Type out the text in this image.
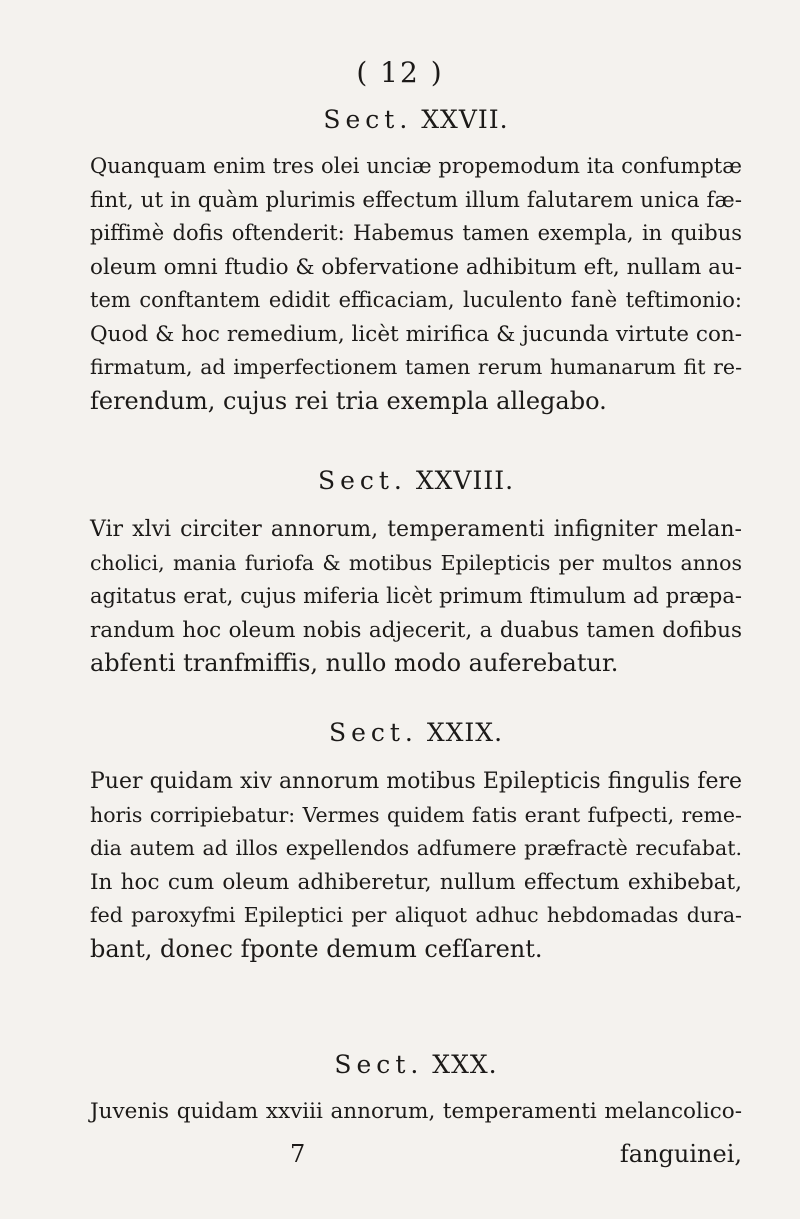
( 12 )
Sect. XXVII.
Quanquam enim tres olei unciæ propemodum ita confumptæ
fint, ut in quàm plurimis effectum illum falutarem unica fæ-
piffimè dofis oftenderit: Habemus tamen exempla, in quibus
oleum omni ftudio & obfervatione adhibitum eft, nullam au-
tem conftantem edidit efficaciam, luculento fanè teftimonio:
Quod & hoc remedium, licèt mirifica & jucunda virtute con-
firmatum, ad imperfectionem tamen rerum humanarum fit re-
ferendum, cujus rei tria exempla allegabo.
Sect. XXVIII.
Vir xlvi circiter annorum, temperamenti infigniter melan-
cholici, mania furiofa & motibus Epilepticis per multos annos
agitatus erat, cujus miferia licèt primum ftimulum ad præpa-
randum hoc oleum nobis adjecerit, a duabus tamen dofibus
abfenti tranfmiffis, nullo modo auferebatur.
Sect. XXIX.
Puer quidam xiv annorum motibus Epilepticis fingulis fere
horis corripiebatur: Vermes quidem fatis erant fufpecti, reme-
dia autem ad illos expellendos adfumere præfractè recufabat.
In hoc cum oleum adhiberetur, nullum effectum exhibebat,
fed paroxyfmi Epileptici per aliquot adhuc hebdomadas dura-
bant, donec fponte demum cefſarent.
Sect. XXX.
Juvenis quidam xxviii annorum, temperamenti melancolico-
7	fanguinei,
